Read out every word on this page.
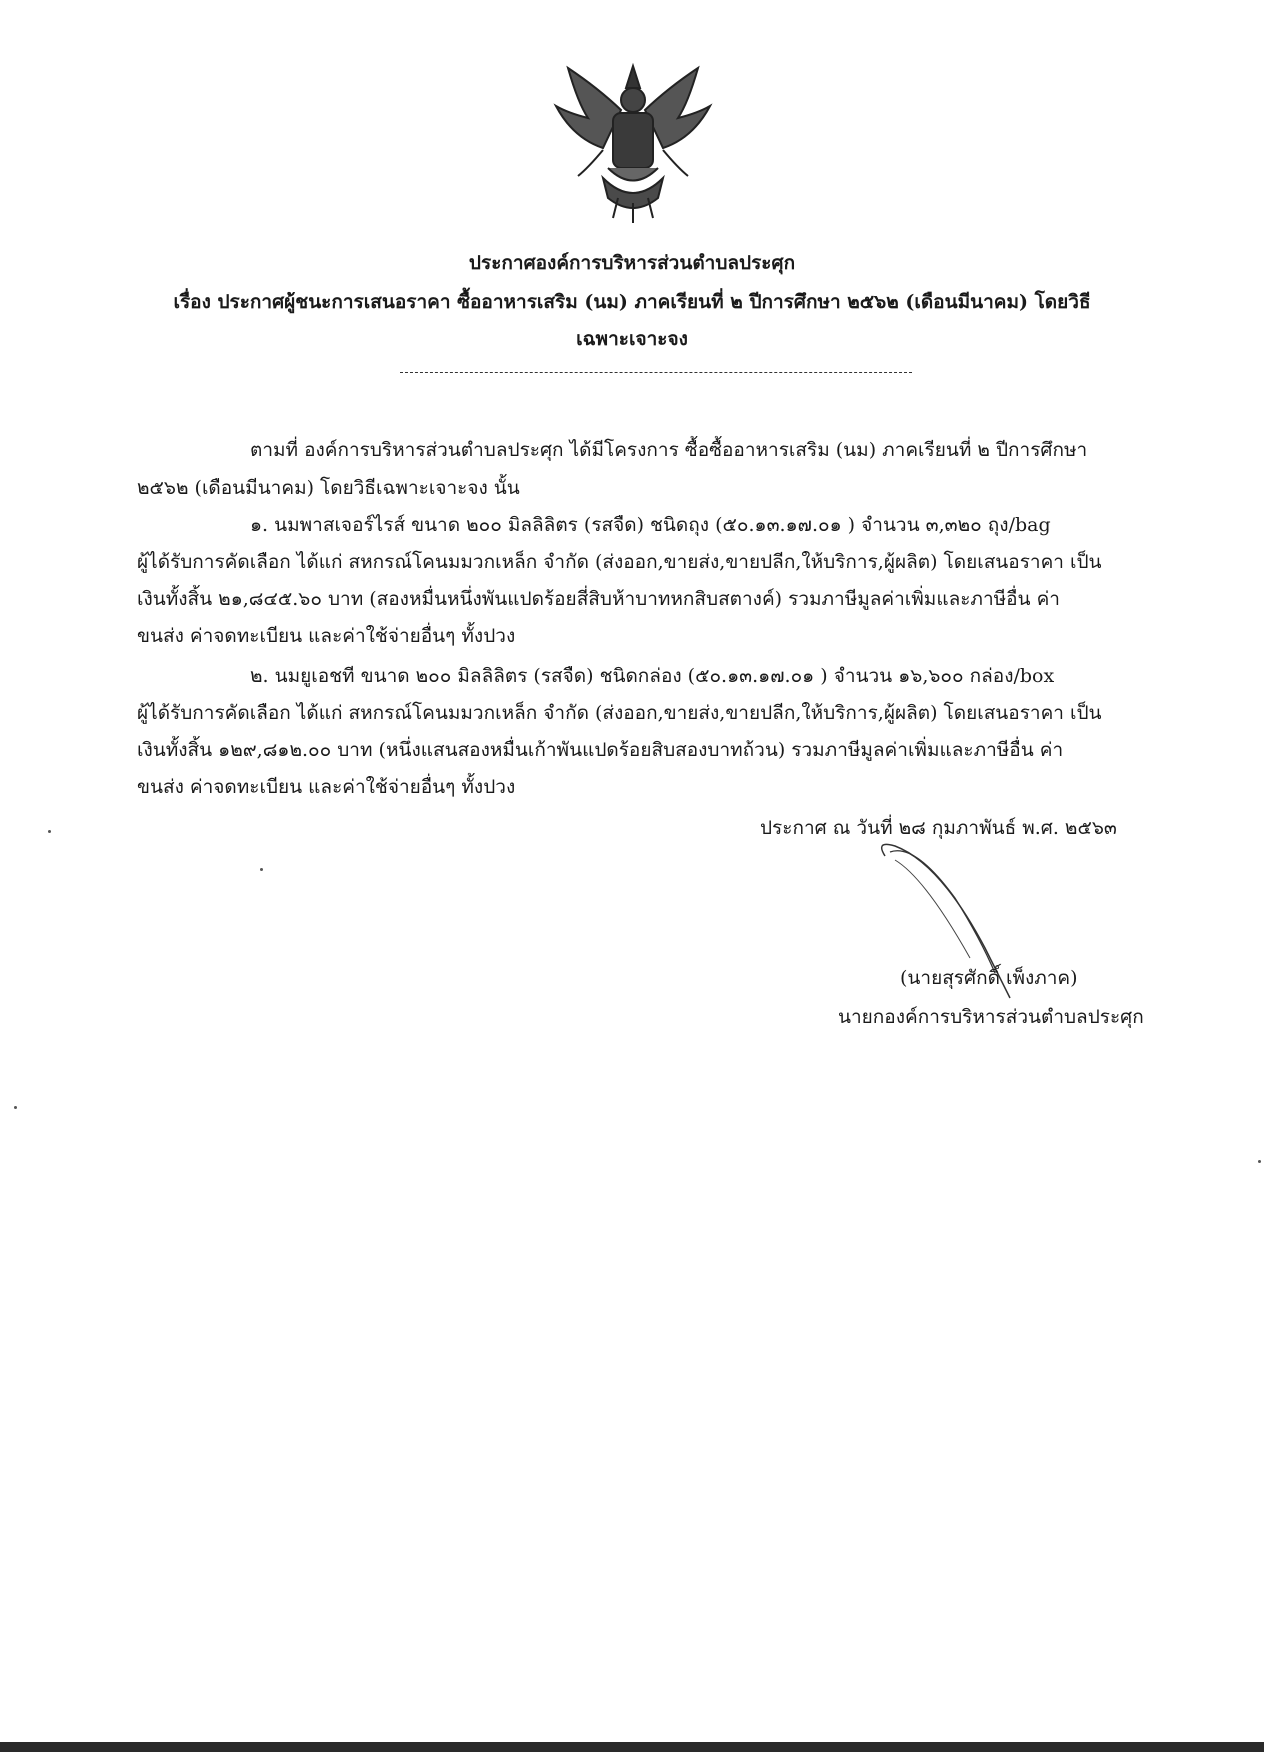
ประกาศองค์การบริหารส่วนตำบลประศุก
เรื่อง ประกาศผู้ชนะการเสนอราคา ซื้ออาหารเสริม (นม) ภาคเรียนที่ ๒ ปีการศึกษา ๒๕๖๒ (เดือนมีนาคม) โดยวิธี
เฉพาะเจาะจง
ตามที่ องค์การบริหารส่วนตำบลประศุก ได้มีโครงการ ซื้อซื้ออาหารเสริม (นม) ภาคเรียนที่ ๒ ปีการศึกษา
๒๕๖๒ (เดือนมีนาคม) โดยวิธีเฉพาะเจาะจง นั้น
๑. นมพาสเจอร์ไรส์ ขนาด ๒๐๐ มิลลิลิตร (รสจืด) ชนิดถุง (๕๐.๑๓.๑๗.๐๑ ) จำนวน ๓,๓๒๐ ถุง/bag
ผู้ได้รับการคัดเลือก ได้แก่ สหกรณ์โคนมมวกเหล็ก จำกัด (ส่งออก,ขายส่ง,ขายปลีก,ให้บริการ,ผู้ผลิต) โดยเสนอราคา เป็น
เงินทั้งสิ้น ๒๑,๘๔๕.๖๐ บาท (สองหมื่นหนึ่งพันแปดร้อยสี่สิบห้าบาทหกสิบสตางค์) รวมภาษีมูลค่าเพิ่มและภาษีอื่น ค่า
ขนส่ง ค่าจดทะเบียน และค่าใช้จ่ายอื่นๆ ทั้งปวง
๒. นมยูเอชที ขนาด ๒๐๐ มิลลิลิตร (รสจืด) ชนิดกล่อง (๕๐.๑๓.๑๗.๐๑ ) จำนวน ๑๖,๖๐๐ กล่อง/box
ผู้ได้รับการคัดเลือก ได้แก่ สหกรณ์โคนมมวกเหล็ก จำกัด (ส่งออก,ขายส่ง,ขายปลีก,ให้บริการ,ผู้ผลิต) โดยเสนอราคา เป็น
เงินทั้งสิ้น ๑๒๙,๘๑๒.๐๐ บาท (หนึ่งแสนสองหมื่นเก้าพันแปดร้อยสิบสองบาทถ้วน) รวมภาษีมูลค่าเพิ่มและภาษีอื่น ค่า
ขนส่ง ค่าจดทะเบียน และค่าใช้จ่ายอื่นๆ ทั้งปวง
ประกาศ ณ วันที่ ๒๘ กุมภาพันธ์ พ.ศ. ๒๕๖๓
(นายสุรศักดิ์ เพ็งภาค)
นายกองค์การบริหารส่วนตำบลประศุก
